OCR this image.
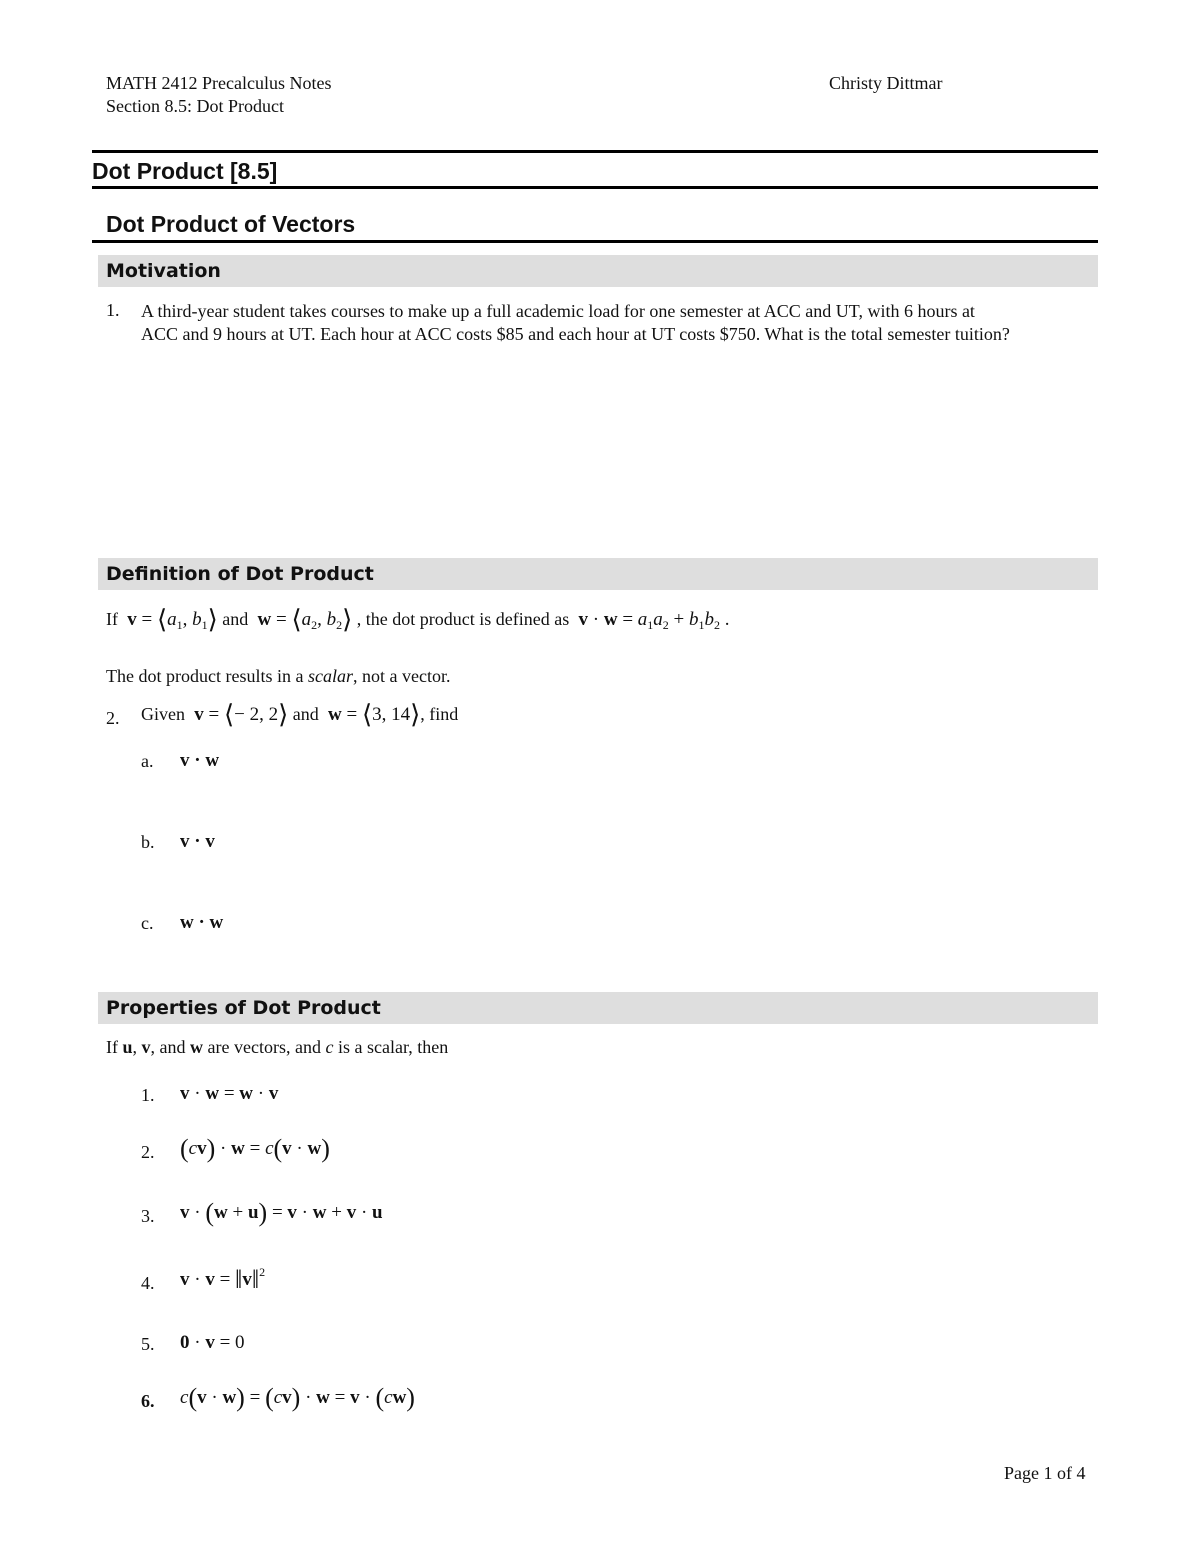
MATH 2412 Precalculus Notes
Section 8.5: Dot Product
Christy Dittmar
Dot Product [8.5]
Dot Product of Vectors
Motivation
1. A third-year student takes courses to make up a full academic load for one semester at ACC and UT, with 6 hours at
ACC and 9 hours at UT. Each hour at ACC costs $85 and each hour at UT costs $750. What is the total semester tuition?
Definition of Dot Product
If $v = ⟨a_1$, $b_1⟩$ and $w = ⟨a_2$, $b_2⟩$ , the dot product is defined as $v \cdot w = a_1a_2 + b_1b_2$ .
The dot product results in a scalar, not a vector.
2. Given v = ⟨− 2, 2⟩ and w = ⟨3, 14⟩, find
a. v · w
b. v · v
c. w · w
Properties of Dot Product
If u, v, and w are vectors, and c is a scalar, then
1. v · w = w · v
2. (cv) · w = c(v · w)
3. v · (w + u) = v · w + v · u
4. v · v = ‖v‖$^2$
5. 0 · v = 0
6. c(v · w) = (cv) · w = v · (cw)
Page 1 of 4
